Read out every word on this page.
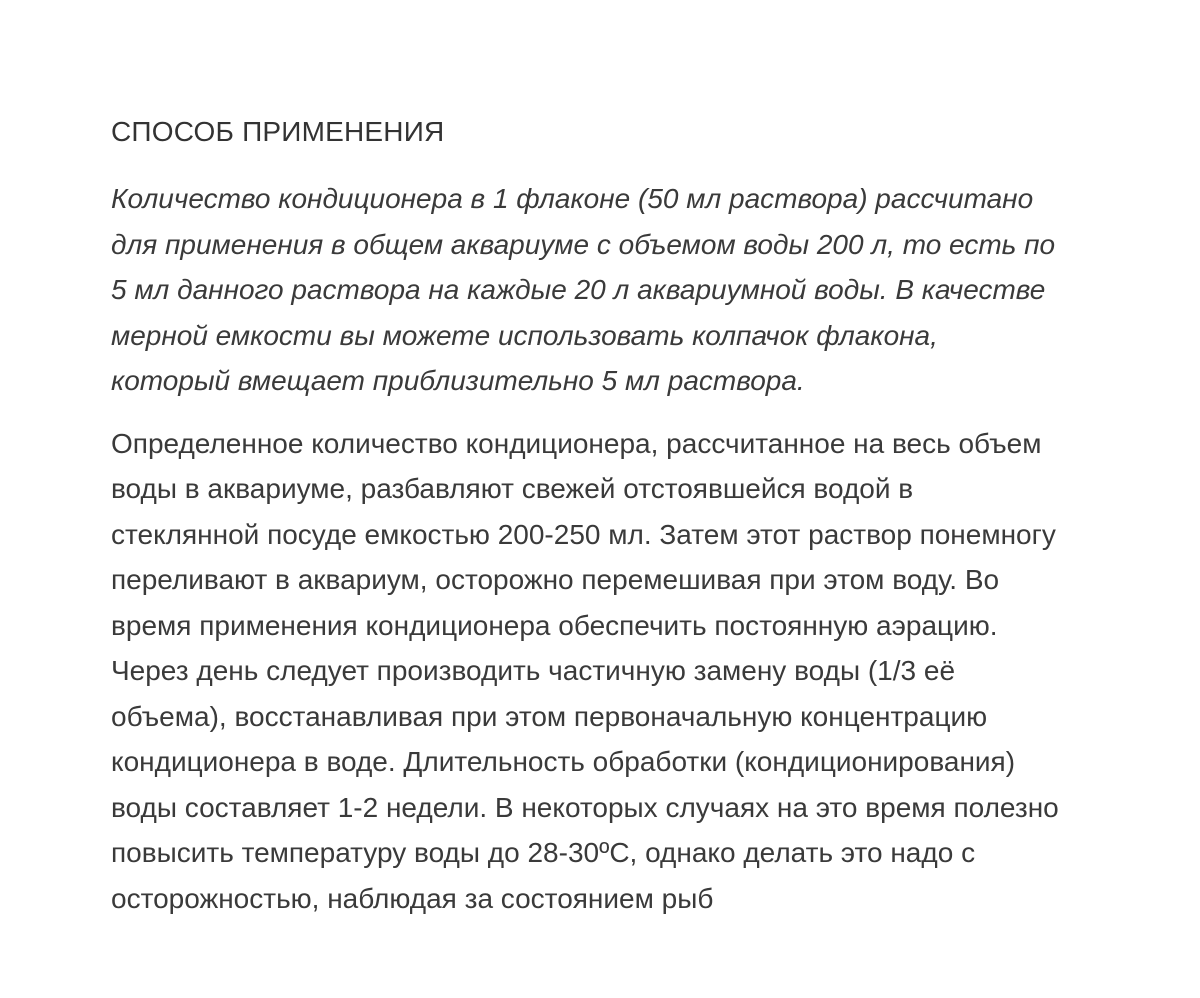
СПОСОБ ПРИМЕНЕНИЯ

Количество кондиционера в 1 флаконе (50 мл раствора) рассчитано
для применения в общем аквариуме с объемом воды 200 л, то есть по
5 мл данного раствора на каждые 20 л аквариумной воды. В качестве
мерной емкости вы можете использовать колпачок флакона,
который вмещает приблизительно 5 мл раствора.

Определенное количество кондиционера, рассчитанное на весь объем
воды в аквариуме, разбавляют свежей отстоявшейся водой в
стеклянной посуде емкостью 200-250 мл. Затем этот раствор понемногу
переливают в аквариум, осторожно перемешивая при этом воду. Во
время применения кондиционера обеспечить постоянную аэрацию.
Через день следует производить частичную замену воды (1/3 её
объема), восстанавливая при этом первоначальную концентрацию
кондиционера в воде. Длительность обработки (кондиционирования)
воды составляет 1-2 недели. В некоторых случаях на это время полезно
повысить температуру воды до 28-30ºС, однако делать это надо с
осторожностью, наблюдая за состоянием рыб
